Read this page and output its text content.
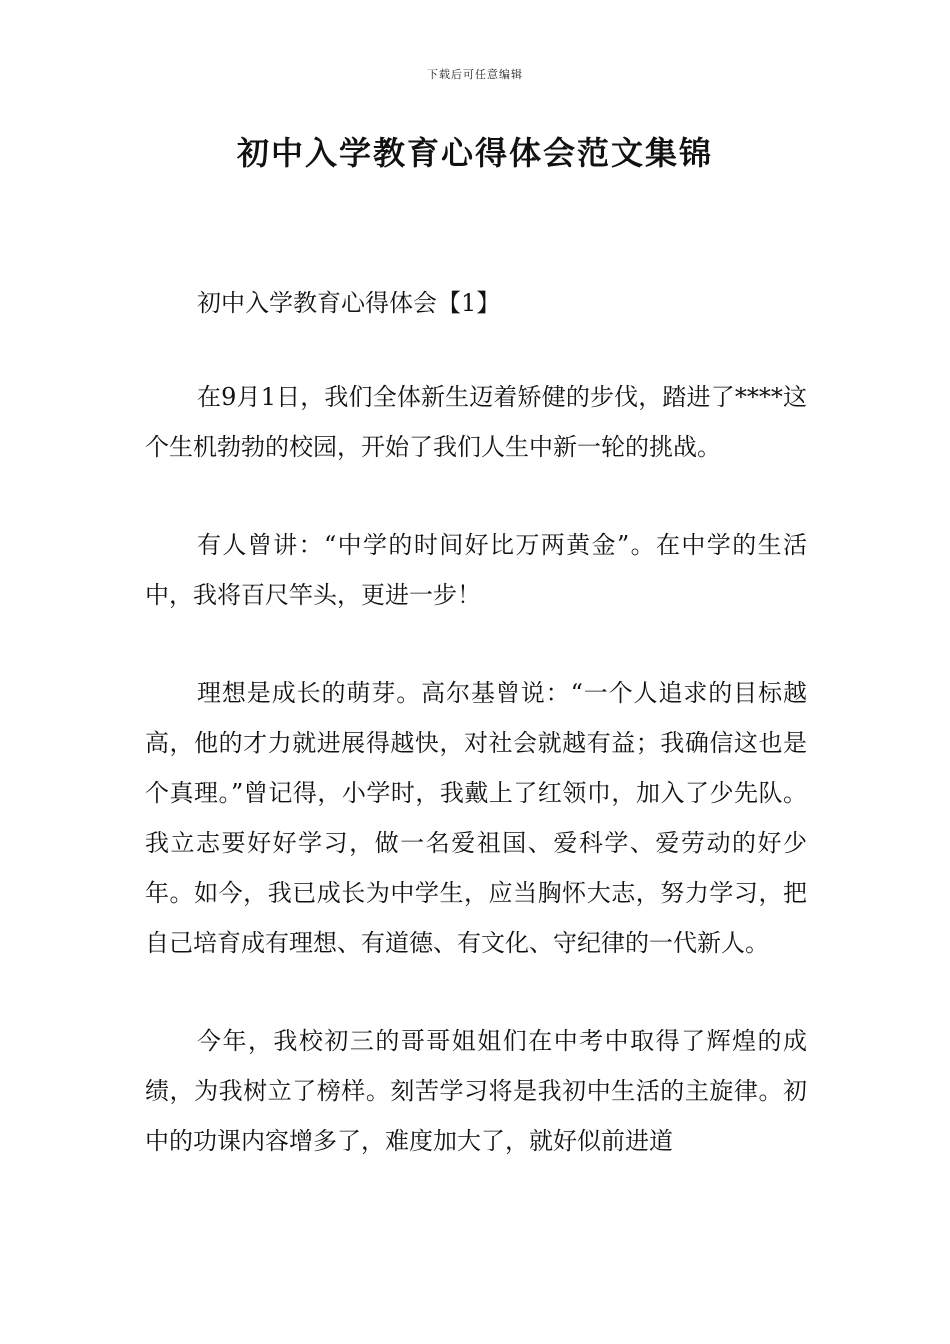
下载后可任意编辑
初中入学教育心得体会范文集锦

初中入学教育心得体会【1】

在9月1日，我们全体新生迈着矫健的步伐，踏进了****这个生机勃勃的校园，开始了我们人生中新一轮的挑战。

有人曾讲：“中学的时间好比万两黄金”。在中学的生活中，我将百尺竿头，更进一步！

理想是成长的萌芽。高尔基曾说：“一个人追求的目标越高，他的才力就进展得越快，对社会就越有益；我确信这也是个真理。”曾记得，小学时，我戴上了红领巾，加入了少先队。我立志要好好学习，做一名爱祖国、爱科学、爱劳动的好少年。如今，我已成长为中学生，应当胸怀大志，努力学习，把自己培育成有理想、有道德、有文化、守纪律的一代新人。

今年，我校初三的哥哥姐姐们在中考中取得了辉煌的成绩，为我树立了榜样。刻苦学习将是我初中生活的主旋律。初中的功课内容增多了，难度加大了，就好似前进道
